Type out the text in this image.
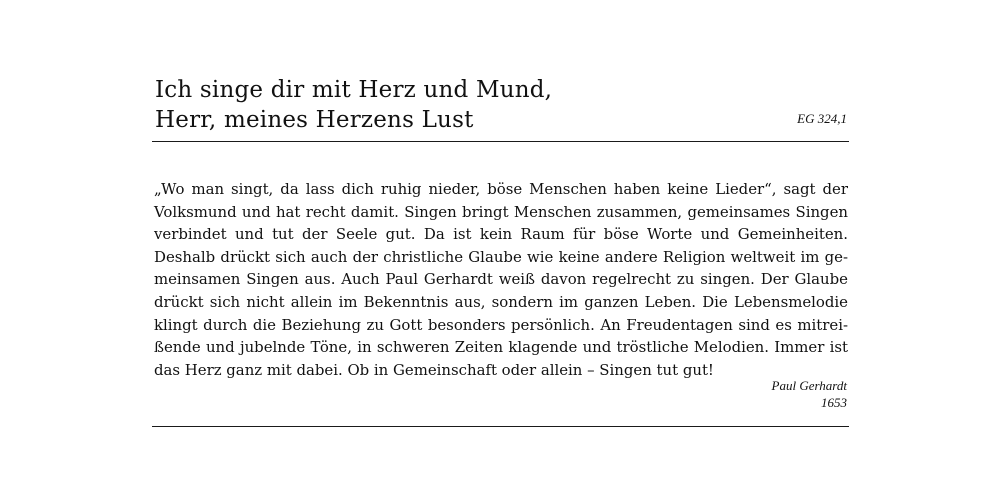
Ich singe dir mit Herz und Mund,
Herr, meines Herzens Lust	EG 324,1

„Wo man singt, da lass dich ruhig nieder, böse Menschen haben keine Lieder“, sagt der
Volksmund und hat recht damit. Singen bringt Menschen zusammen, gemeinsames Singen
verbindet und tut der Seele gut. Da ist kein Raum für böse Worte und Gemeinheiten.
Deshalb drückt sich auch der christliche Glaube wie keine andere Religion weltweit im ge-
meinsamen Singen aus. Auch Paul Gerhardt weiß davon regelrecht zu singen. Der Glaube
drückt sich nicht allein im Bekenntnis aus, sondern im ganzen Leben. Die Lebensmelodie
klingt durch die Beziehung zu Gott besonders persönlich. An Freudentagen sind es mitrei-
ßende und jubelnde Töne, in schweren Zeiten klagende und tröstliche Melodien. Immer ist
das Herz ganz mit dabei. Ob in Gemeinschaft oder allein – Singen tut gut!

Paul Gerhardt
1653
